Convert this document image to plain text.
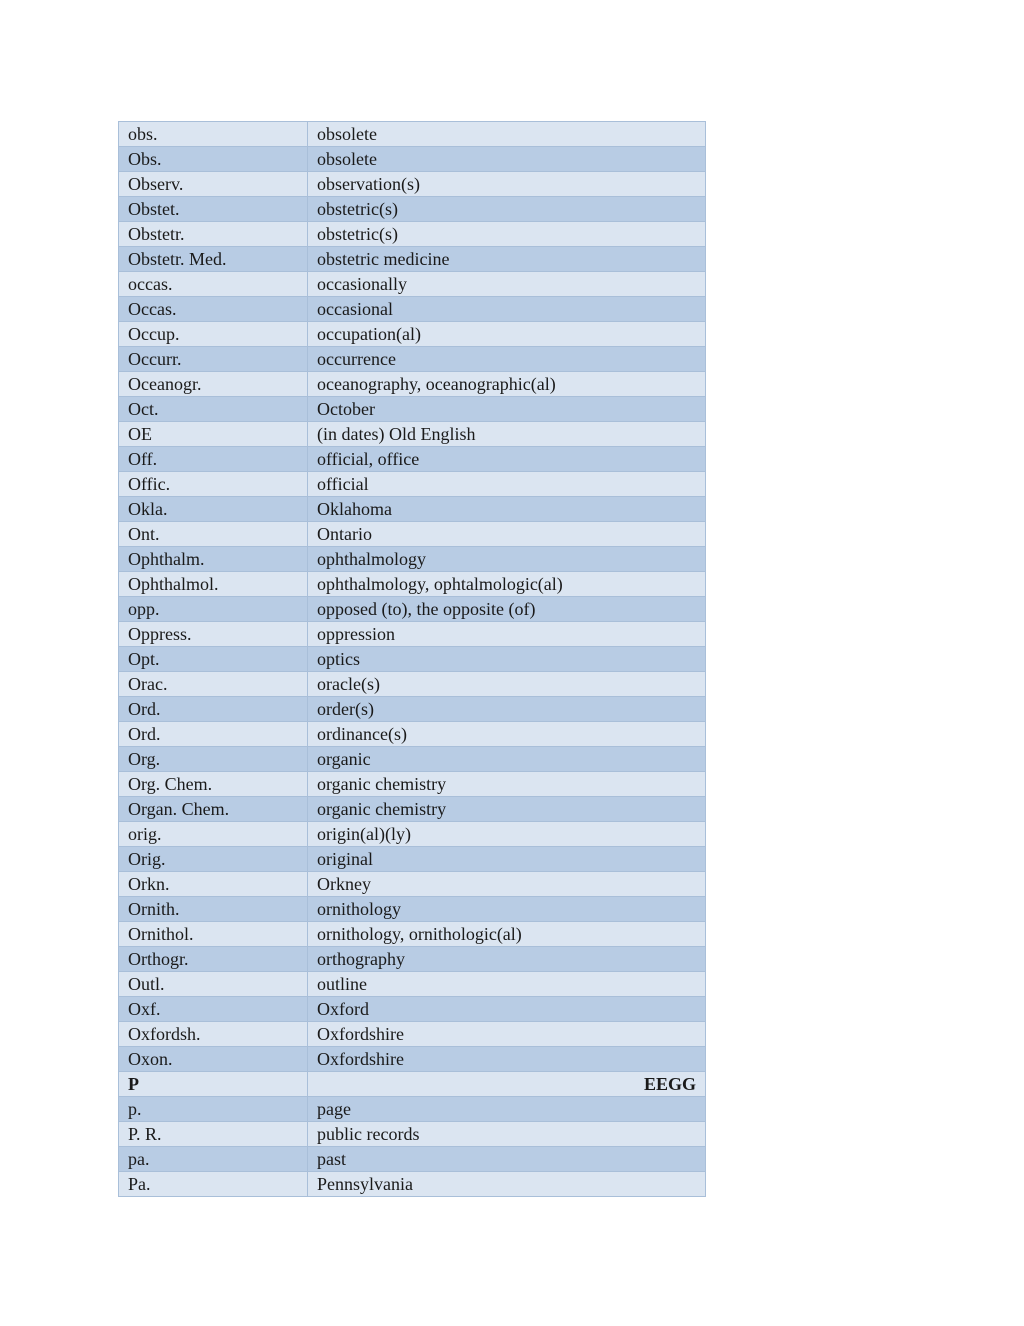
obs.	obsolete
Obs.	obsolete
Observ.	observation(s)
Obstet.	obstetric(s)
Obstetr.	obstetric(s)
Obstetr. Med.	obstetric medicine
occas.	occasionally
Occas.	occasional
Occup.	occupation(al)
Occurr.	occurrence
Oceanogr.	oceanography, oceanographic(al)
Oct.	October
OE	(in dates) Old English
Off.	official, office
Offic.	official
Okla.	Oklahoma
Ont.	Ontario
Ophthalm.	ophthalmology
Ophthalmol.	ophthalmology, ophtalmologic(al)
opp.	opposed (to), the opposite (of)
Oppress.	oppression
Opt.	optics
Orac.	oracle(s)
Ord.	order(s)
Ord.	ordinance(s)
Org.	organic
Org. Chem.	organic chemistry
Organ. Chem.	organic chemistry
orig.	origin(al)(ly)
Orig.	original
Orkn.	Orkney
Ornith.	ornithology
Ornithol.	ornithology, ornithologic(al)
Orthogr.	orthography
Outl.	outline
Oxf.	Oxford
Oxfordsh.	Oxfordshire
Oxon.	Oxfordshire
P	EEGG
p.	page
P. R.	public records
pa.	past
Pa.	Pennsylvania
